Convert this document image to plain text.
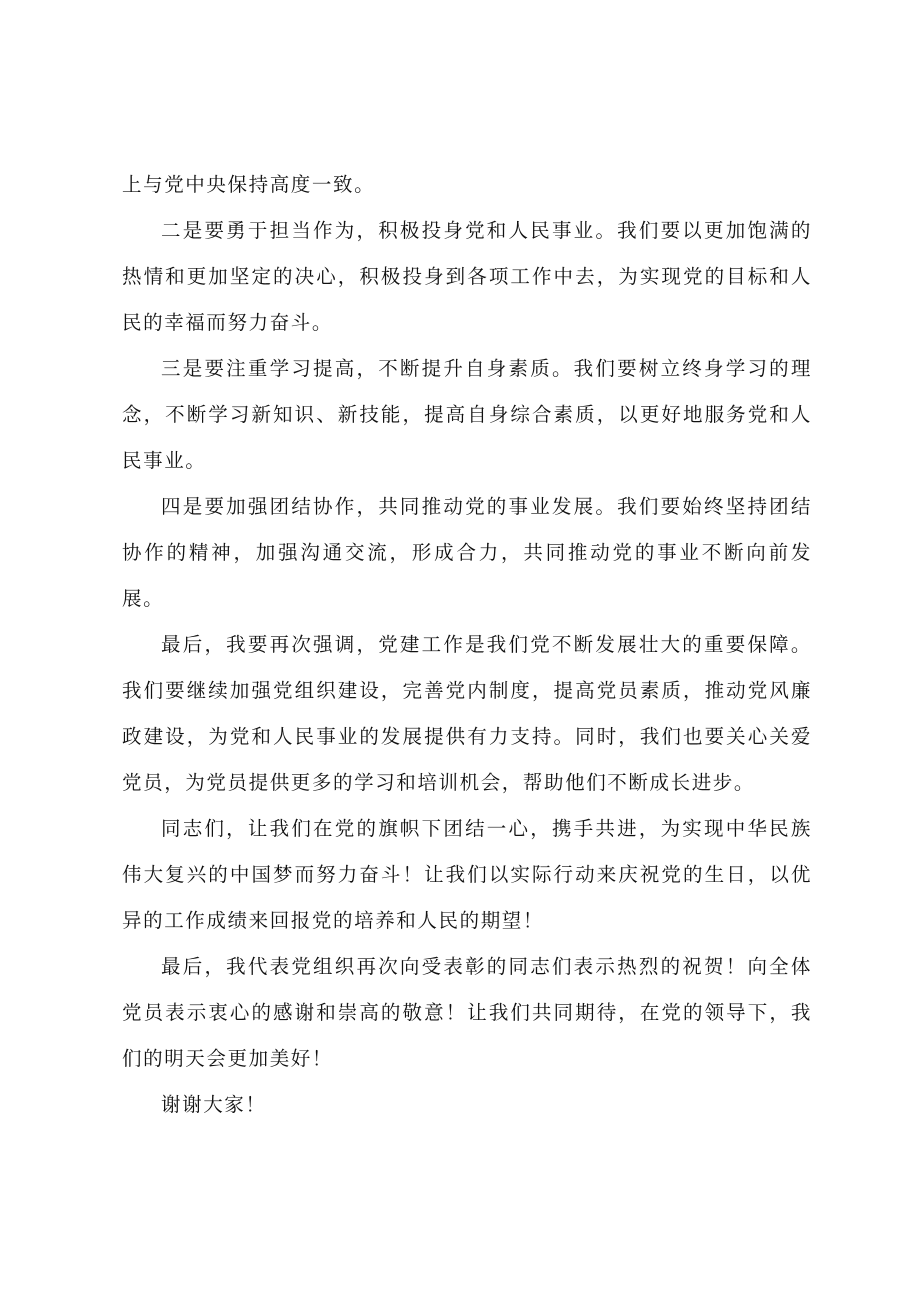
上与党中央保持高度一致。

二是要勇于担当作为，积极投身党和人民事业。我们要以更加饱满的热情和更加坚定的决心，积极投身到各项工作中去，为实现党的目标和人民的幸福而努力奋斗。

三是要注重学习提高，不断提升自身素质。我们要树立终身学习的理念，不断学习新知识、新技能，提高自身综合素质，以更好地服务党和人民事业。

四是要加强团结协作，共同推动党的事业发展。我们要始终坚持团结协作的精神，加强沟通交流，形成合力，共同推动党的事业不断向前发展。

最后，我要再次强调，党建工作是我们党不断发展壮大的重要保障。我们要继续加强党组织建设，完善党内制度，提高党员素质，推动党风廉政建设，为党和人民事业的发展提供有力支持。同时，我们也要关心关爱党员，为党员提供更多的学习和培训机会，帮助他们不断成长进步。

同志们，让我们在党的旗帜下团结一心，携手共进，为实现中华民族伟大复兴的中国梦而努力奋斗！让我们以实际行动来庆祝党的生日，以优异的工作成绩来回报党的培养和人民的期望！

最后，我代表党组织再次向受表彰的同志们表示热烈的祝贺！向全体党员表示衷心的感谢和崇高的敬意！让我们共同期待，在党的领导下，我们的明天会更加美好！

谢谢大家！
